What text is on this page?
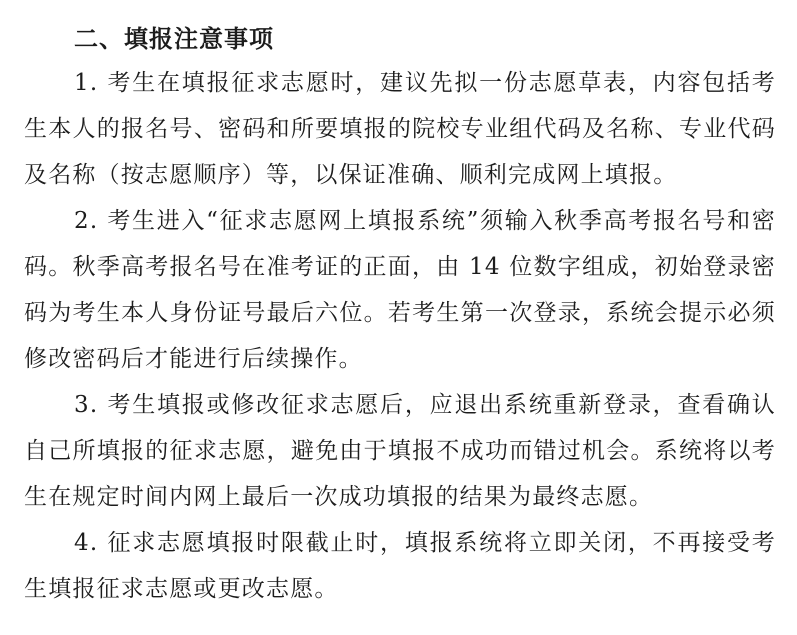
二、填报注意事项

1. 考生在填报征求志愿时，建议先拟一份志愿草表，内容包括考生本人的报名号、密码和所要填报的院校专业组代码及名称、专业代码及名称（按志愿顺序）等，以保证准确、顺利完成网上填报。

2. 考生进入“征求志愿网上填报系统”须输入秋季高考报名号和密码。秋季高考报名号在准考证的正面，由 14 位数字组成，初始登录密码为考生本人身份证号最后六位。若考生第一次登录，系统会提示必须修改密码后才能进行后续操作。

3. 考生填报或修改征求志愿后，应退出系统重新登录，查看确认自己所填报的征求志愿，避免由于填报不成功而错过机会。系统将以考生在规定时间内网上最后一次成功填报的结果为最终志愿。

4. 征求志愿填报时限截止时，填报系统将立即关闭，不再接受考生填报征求志愿或更改志愿。
